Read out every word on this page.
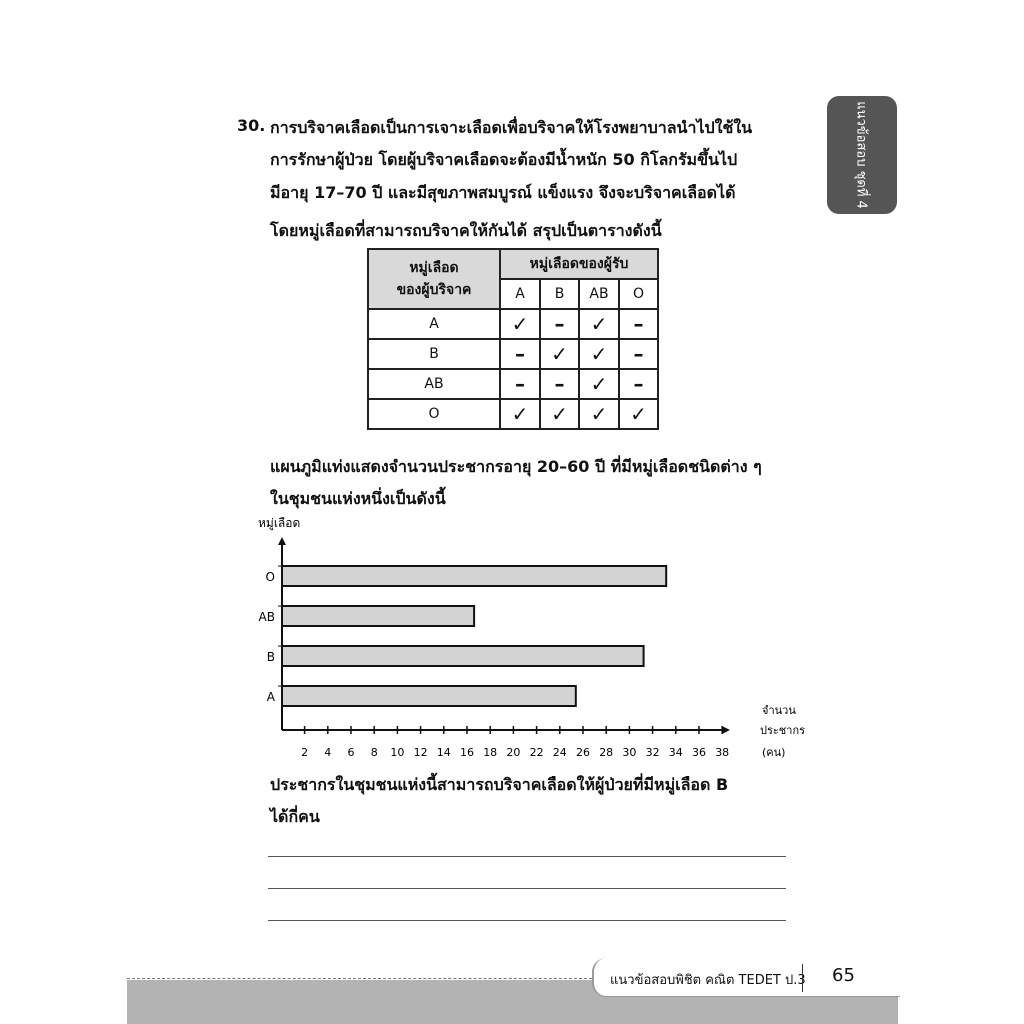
แนวข้อสอบ ชุดที่ 4
30. การบริจาคเลือดเป็นการเจาะเลือดเพื่อบริจาคให้โรงพยาบาลนำไปใช้ใน
การรักษาผู้ป่วย โดยผู้บริจาคเลือดจะต้องมีน้ำหนัก 50 กิโลกรัมขึ้นไป
มีอายุ 17–70 ปี และมีสุขภาพสมบูรณ์ แข็งแรง จึงจะบริจาคเลือดได้
โดยหมู่เลือดที่สามารถบริจาคให้กันได้ สรุปเป็นตารางดังนี้
หมู่เลือด
ของผู้บริจาค	หมู่เลือดของผู้รับ			
	A	B	AB	O
A	✓	–	✓	–
B	–	✓	✓	–
AB	–	–	✓	–
O	✓	✓	✓	✓
แผนภูมิแท่งแสดงจำนวนประชากรอายุ 20–60 ปี ที่มีหมู่เลือดชนิดต่าง ๆ
ในชุมชนแห่งหนึ่งเป็นดังนี้
หมู่เลือด
จำนวน
ประชากร
(คน)
2 4 6 8 10 12 14 16 18 20 22 24 26 28 30 32 34 36 38
A
B
AB
O
ประชากรในชุมชนแห่งนี้สามารถบริจาคเลือดให้ผู้ป่วยที่มีหมู่เลือด B
ได้กี่คน
แนวข้อสอบพิชิต คณิต TEDET ป.3 65
